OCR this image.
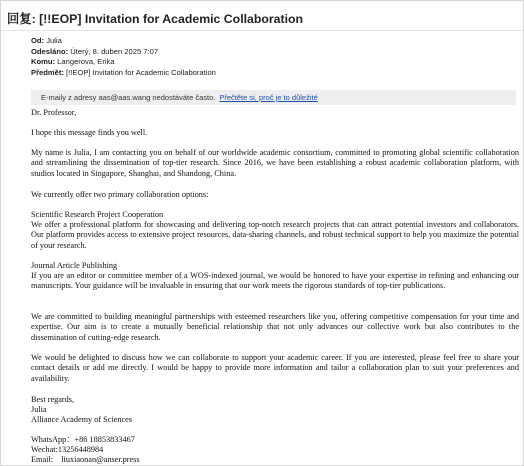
回复: [!!EOP] Invitation for Academic Collaboration
Od: Julia
Odesláno: Úterý, 8. duben 2025 7:07
Komu: Langerova, Erika
Předmět: [!!EOP] Invitation for Academic Collaboration
E-maily z adresy aas@aas.wang nedostáváte často. Přečtěte si, proč je to důležité
Dr. Professor,
I hope this message finds you well.

My name is Julia, I am contacting you on behalf of our worldwide academic consortium, committed to promoting global scientific collaboration and streamlining the dissemination of top-tier research. Since 2016, we have been establishing a robust academic collaboration platform, with studios located in Singapore, Shanghai, and Shandong, China.

We currently offer two primary collaboration options:
Scientific Research Project Cooperation

We offer a professional platform for showcasing and delivering top-notch research projects that can attract potential investors and collaborators. Our platform provides access to extensive project resources, data-sharing channels, and robust technical support to help you maximize the potential of your research.

Journal Article Publishing

If you are an editor or committee member of a WOS-indexed journal, we would be honored to have your expertise in refining and enhancing our manuscripts. Your guidance will be invaluable in ensuring that our work meets the rigorous standards of top-tier publications.

We are committed to building meaningful partnerships with esteemed researchers like you, offering competitive compensation for your time and expertise. Our aim is to create a mutually beneficial relationship that not only advances our collective work but also contributes to the dissemination of cutting-edge research.

We would be delighted to discuss how we can collaborate to support your academic career. If you are interested, please feel free to share your contact details or add me directly. I would be happy to provide more information and tailor a collaboration plan to suit your preferences and availability.

Best regards,
Julia
Alliance Academy of Sciences
WhatsApp：+86 18853833467
Wechat:13256448984
Email:    liuxiaonan@anser.press
